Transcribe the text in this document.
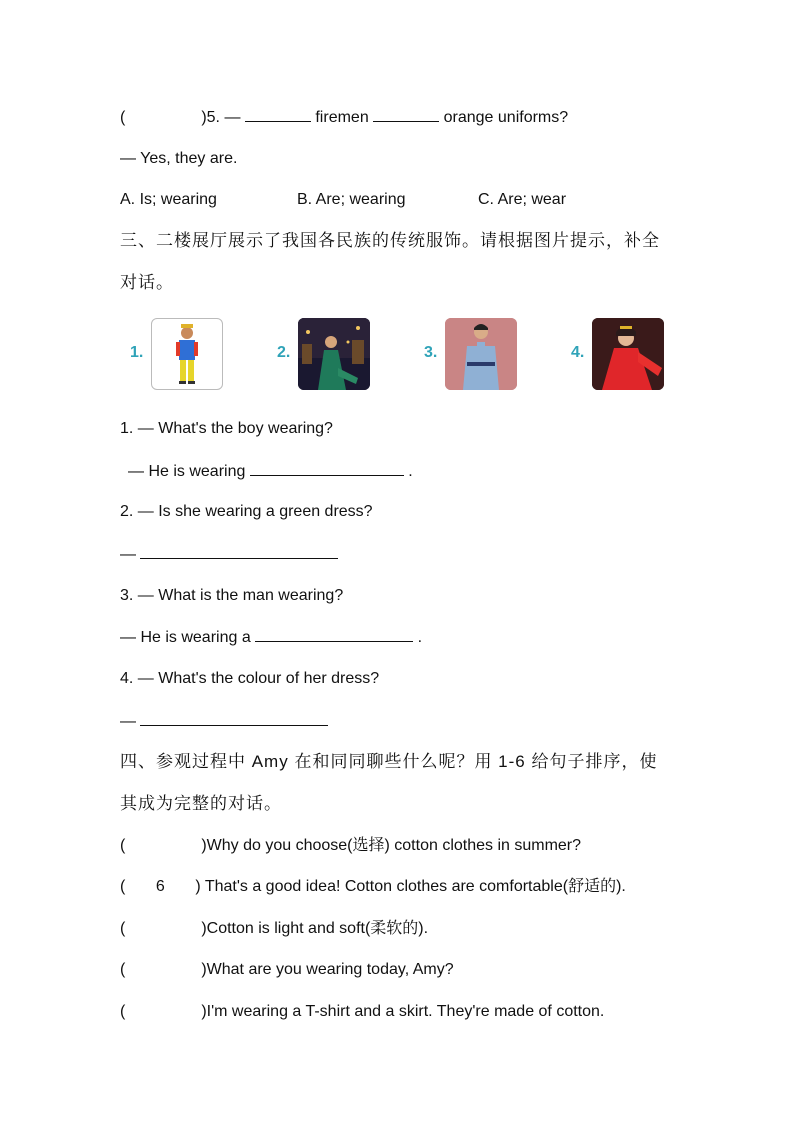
(	)5. —	firemen	orange uniforms?
— Yes, they are.
A. Is; wearing	B. Are; wearing	C. Are; wear
三、二楼展厅展示了我国各民族的传统服饰。请根据图片提示，补全
对话。
1.	2.	3.	4.
1. — What's the boy wearing?
— He is wearing	.
2. — Is she wearing a green dress?
—
3. — What is the man wearing?
— He is wearing a	.
4. — What's the colour of her dress?
—
四、参观过程中 Amy 在和同同聊些什么呢？用 1-6 给句子排序，使
其成为完整的对话。
(	)Why do you choose(选择) cotton clothes in summer?
( 6 ) That's a good idea! Cotton clothes are comfortable(舒适的).
(	)Cotton is light and soft(柔软的).
(	)What are you wearing today, Amy?
(	)I'm wearing a T-shirt and a skirt. They're made of cotton.
